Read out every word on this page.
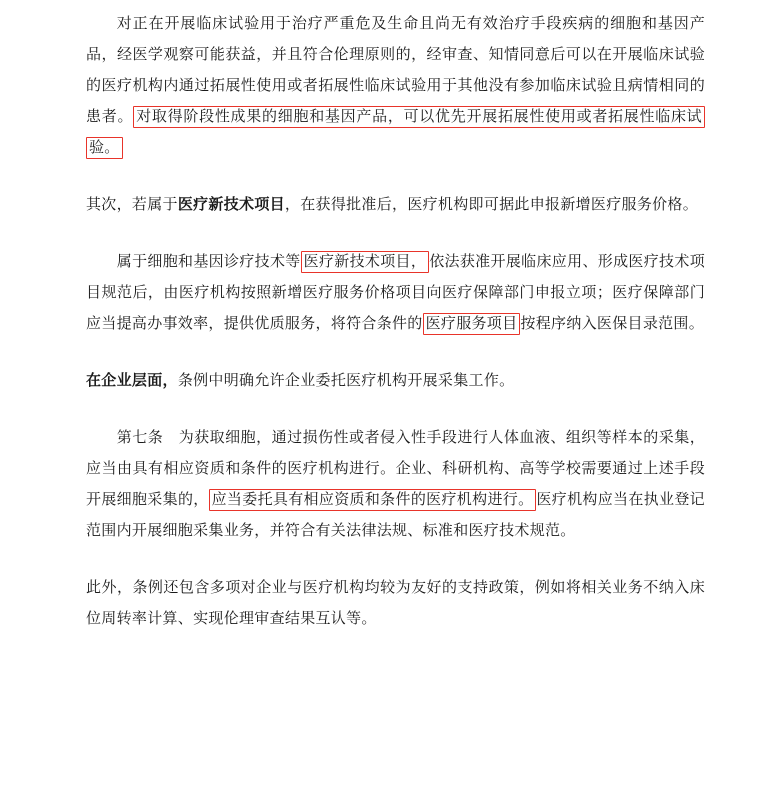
对正在开展临床试验用于治疗严重危及生命且尚无有效治疗手段疾病的细胞和基因产品，经医学观察可能获益，并且符合伦理原则的，经审查、知情同意后可以在开展临床试验的医疗机构内通过拓展性使用或者拓展性临床试验用于其他没有参加临床试验且病情相同的患者。 对取得阶段性成果的细胞和基因产品，可以优先开展拓展性使用或者拓展性临床试验。

其次，若属于医疗新技术项目，在获得批准后，医疗机构即可据此申报新增医疗服务价格。

属于细胞和基因诊疗技术等 医疗新技术项目， 依法获准开展临床应用、形成医疗技术项目规范后，由医疗机构按照新增医疗服务价格项目向医疗保障部门申报立项；医疗保障部门应当提高办事效率，提供优质服务，将符合条件的 医疗服务项目 按程序纳入医保目录范围。

在企业层面，条例中明确允许企业委托医疗机构开展采集工作。

第七条　为获取细胞，通过损伤性或者侵入性手段进行人体血液、组织等样本的采集，应当由具有相应资质和条件的医疗机构进行。企业、科研机构、高等学校需要通过上述手段开展细胞采集的， 应当委托具有相应资质和条件的医疗机构进行。 医疗机构应当在执业登记范围内开展细胞采集业务，并符合有关法律法规、标准和医疗技术规范。

此外，条例还包含多项对企业与医疗机构均较为友好的支持政策，例如将相关业务不纳入床位周转率计算、实现伦理审查结果互认等。
